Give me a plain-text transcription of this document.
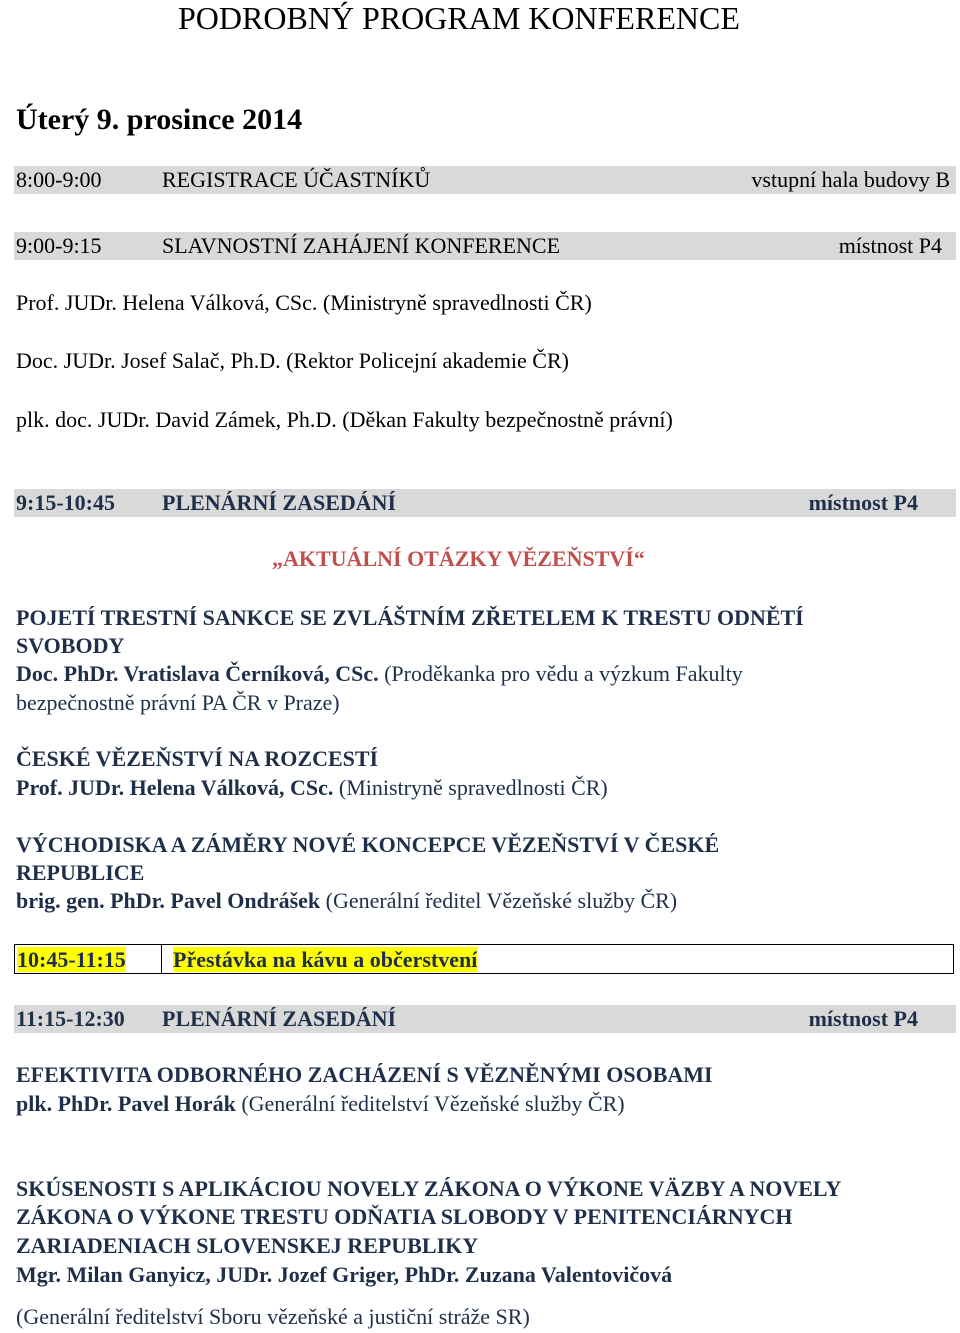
PODROBNÝ PROGRAM KONFERENCE
Úterý 9. prosince 2014
8:00-9:00	REGISTRACE ÚČASTNÍKŮ	vstupní hala budovy B
9:00-9:15	SLAVNOSTNÍ ZAHÁJENÍ KONFERENCE	místnost P4
Prof. JUDr. Helena Válková, CSc. (Ministryně spravedlnosti ČR)
Doc. JUDr. Josef Salač, Ph.D. (Rektor Policejní akademie ČR)
plk. doc. JUDr. David Zámek, Ph.D. (Děkan Fakulty bezpečnostně právní)
9:15-10:45 PLENÁRNÍ ZASEDÁNÍ	místnost P4
„AKTUÁLNÍ OTÁZKY VĚZEŇSTVÍ“
POJETÍ TRESTNÍ SANKCE SE ZVLÁŠTNÍM ZŘETELEM K TRESTU ODNĚTÍ
SVOBODY
Doc. PhDr. Vratislava Černíková, CSc. (Proděkanka pro vědu a výzkum Fakulty
bezpečnostně právní PA ČR v Praze)
ČESKÉ VĚZEŇSTVÍ NA ROZCESTÍ
Prof. JUDr. Helena Válková, CSc. (Ministryně spravedlnosti ČR)
VÝCHODISKA A ZÁMĚRY NOVÉ KONCEPCE VĚZEŇSTVÍ V ČESKÉ
REPUBLICE
brig. gen. PhDr. Pavel Ondrášek (Generální ředitel Vězeňské služby ČR)
10:45-11:15 Přestávka na kávu a občerstvení
11:15-12:30 PLENÁRNÍ ZASEDÁNÍ	místnost P4
EFEKTIVITA ODBORNÉHO ZACHÁZENÍ S VĚZNĚNÝMI OSOBAMI
plk. PhDr. Pavel Horák (Generální ředitelství Vězeňské služby ČR)
SKÚSENOSTI S APLIKÁCIOU NOVELY ZÁKONA O VÝKONE VÄZBY A NOVELY
ZÁKONA O VÝKONE TRESTU ODŇATIA SLOBODY V PENITENCIÁRNYCH
ZARIADENIACH SLOVENSKEJ REPUBLIKY
Mgr. Milan Ganyicz, JUDr. Jozef Griger, PhDr. Zuzana Valentovičová
(Generální ředitelství Sboru vězeňské a justiční stráže SR)
